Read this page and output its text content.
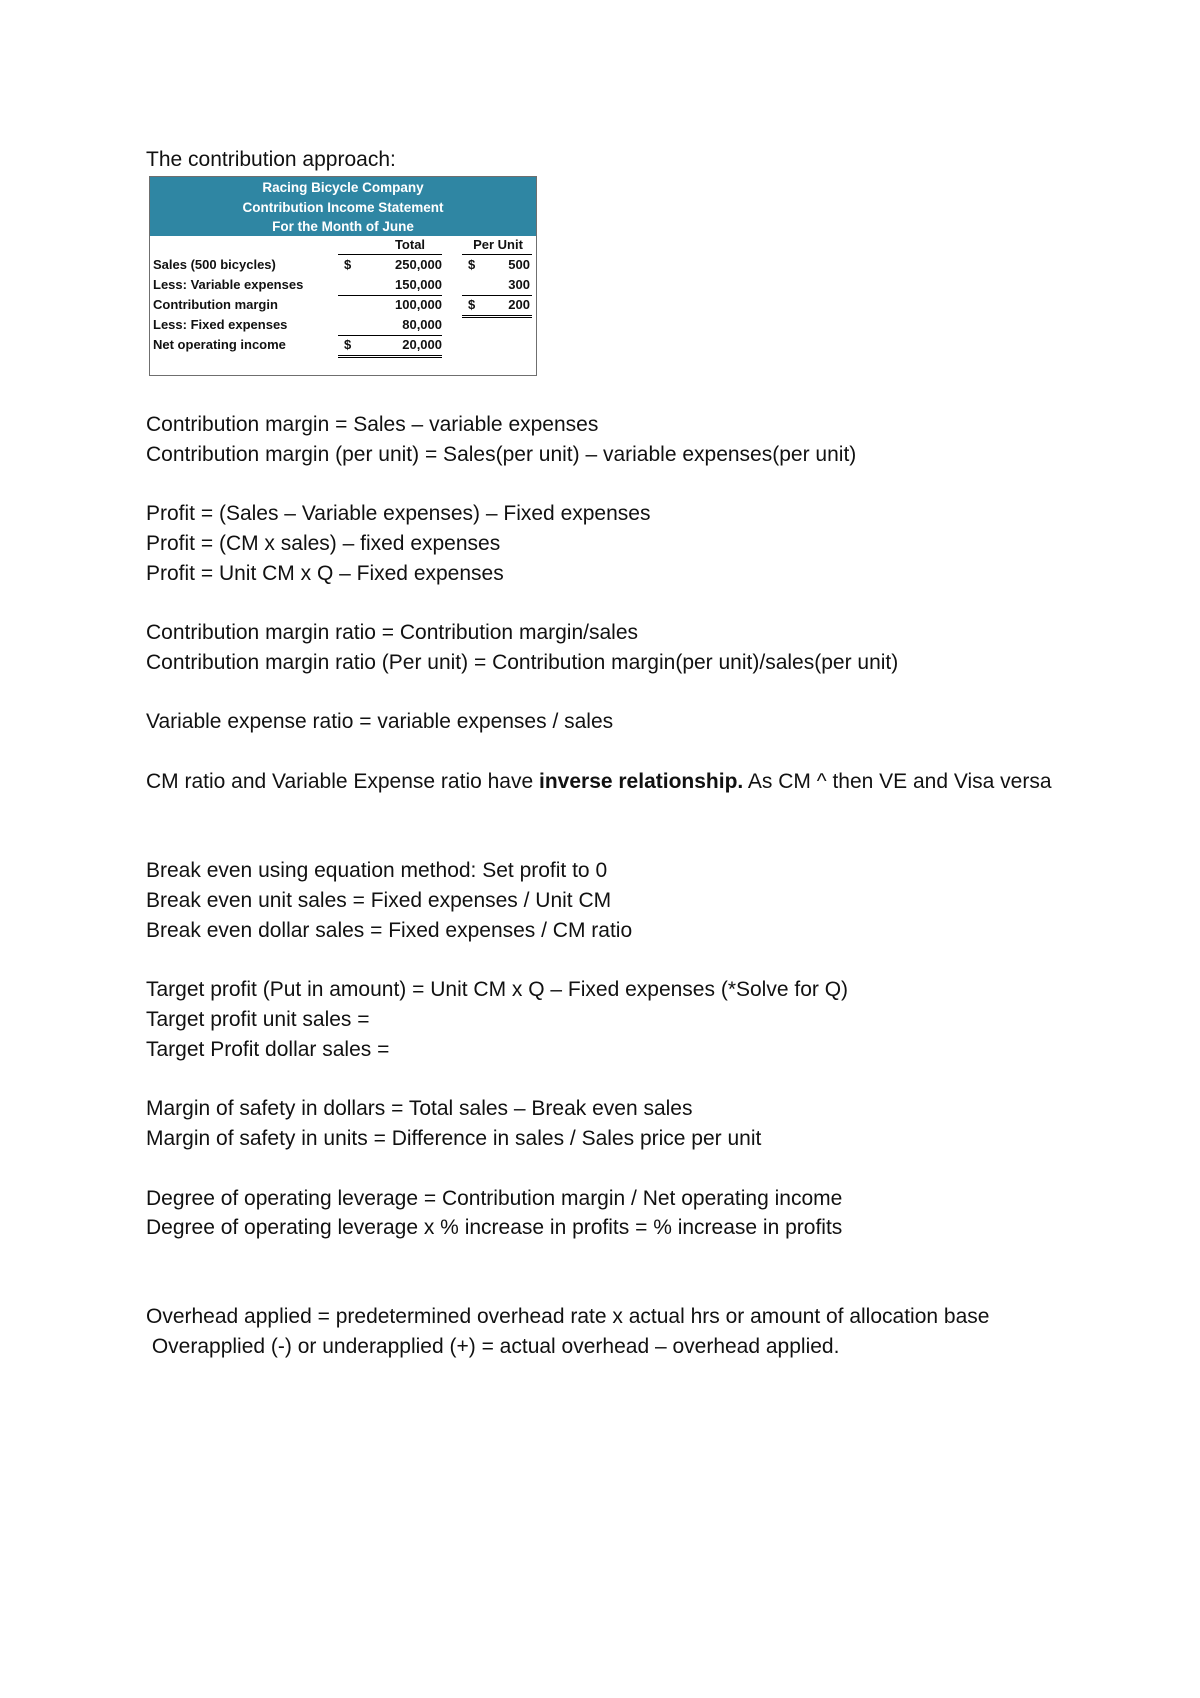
The contribution approach:
Racing Bicycle Company
Contribution Income Statement
For the Month of June
Total	Per Unit
Sales (500 bicycles)	$	250,000 $	500
Less: Variable expenses	150,000	300
Contribution margin	100,000 $	200
Less: Fixed expenses	80,000
Net operating income	$	20,000
Contribution margin = Sales – variable expenses
Contribution margin (per unit) = Sales(per unit) – variable expenses(per unit)
Profit = (Sales – Variable expenses) – Fixed expenses
Profit = (CM x sales) – fixed expenses
Profit = Unit CM x Q – Fixed expenses
Contribution margin ratio = Contribution margin/sales
Contribution margin ratio (Per unit) = Contribution margin(per unit)/sales(per unit)
Variable expense ratio = variable expenses / sales
CM ratio and Variable Expense ratio have inverse relationship. As CM ^ then VE and Visa versa
Break even using equation method: Set profit to 0
Break even unit sales = Fixed expenses / Unit CM
Break even dollar sales = Fixed expenses / CM ratio
Target profit (Put in amount) = Unit CM x Q – Fixed expenses (*Solve for Q)
Target profit unit sales =
Target Profit dollar sales =
Margin of safety in dollars = Total sales – Break even sales
Margin of safety in units = Difference in sales / Sales price per unit
Degree of operating leverage = Contribution margin / Net operating income
Degree of operating leverage x % increase in profits = % increase in profits
Overhead applied = predetermined overhead rate x actual hrs or amount of allocation base
Overapplied (-) or underapplied (+) = actual overhead – overhead applied.
